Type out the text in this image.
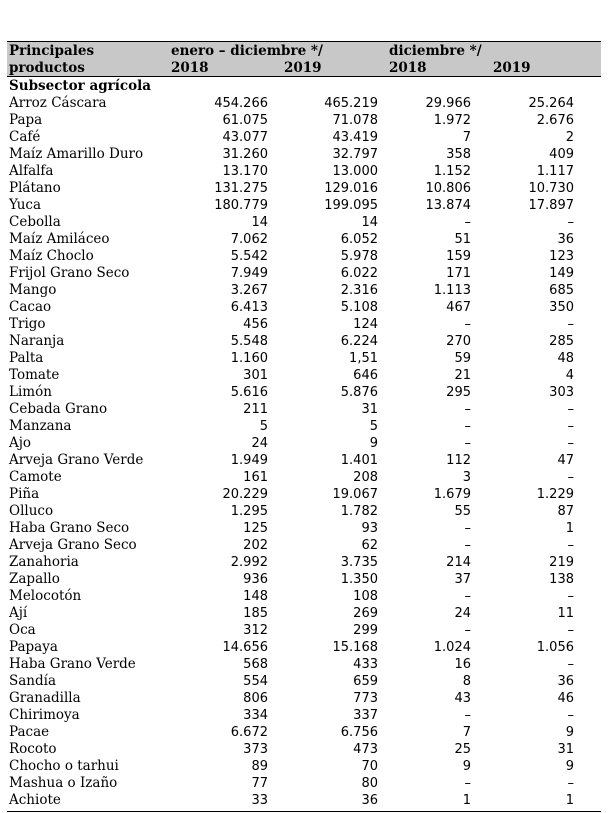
Principales
productos
enero – diciembre */	diciembre */
2018	2019	2018	2019
Subsector agrícola
Arroz Cáscara	454.266	465.219	29.966	25.264
Papa	61.075	71.078	1.972	2.676
Café	43.077	43.419	7	2
Maíz Amarillo Duro	31.260	32.797	358	409
Alfalfa	13.170	13.000	1.152	1.117
Plátano	131.275	129.016	10.806	10.730
Yuca	180.779	199.095	13.874	17.897
Cebolla	14	14	–	–
Maíz Amiláceo	7.062	6.052	51	36
Maíz Choclo	5.542	5.978	159	123
Frijol Grano Seco	7.949	6.022	171	149
Mango	3.267	2.316	1.113	685
Cacao	6.413	5.108	467	350
Trigo	456	124	–	–
Naranja	5.548	6.224	270	285
Palta	1.160	1,51	59	48
Tomate	301	646	21	4
Limón	5.616	5.876	295	303
Cebada Grano	211	31	–	–
Manzana	5	5	–	–
Ajo	24	9	–	–
Arveja Grano Verde	1.949	1.401	112	47
Camote	161	208	3	–
Piña	20.229	19.067	1.679	1.229
Olluco	1.295	1.782	55	87
Haba Grano Seco	125	93	–	1
Arveja Grano Seco	202	62	–	–
Zanahoria	2.992	3.735	214	219
Zapallo	936	1.350	37	138
Melocotón	148	108	–	–
Ají	185	269	24	11
Oca	312	299	–	–
Papaya	14.656	15.168	1.024	1.056
Haba Grano Verde	568	433	16	–
Sandía	554	659	8	36
Granadilla	806	773	43	46
Chirimoya	334	337	–	–
Pacae	6.672	6.756	7	9
Rocoto	373	473	25	31
Chocho o tarhui	89	70	9	9
Mashua o Izaño	77	80	–	–
Achiote	33	36	1	1
